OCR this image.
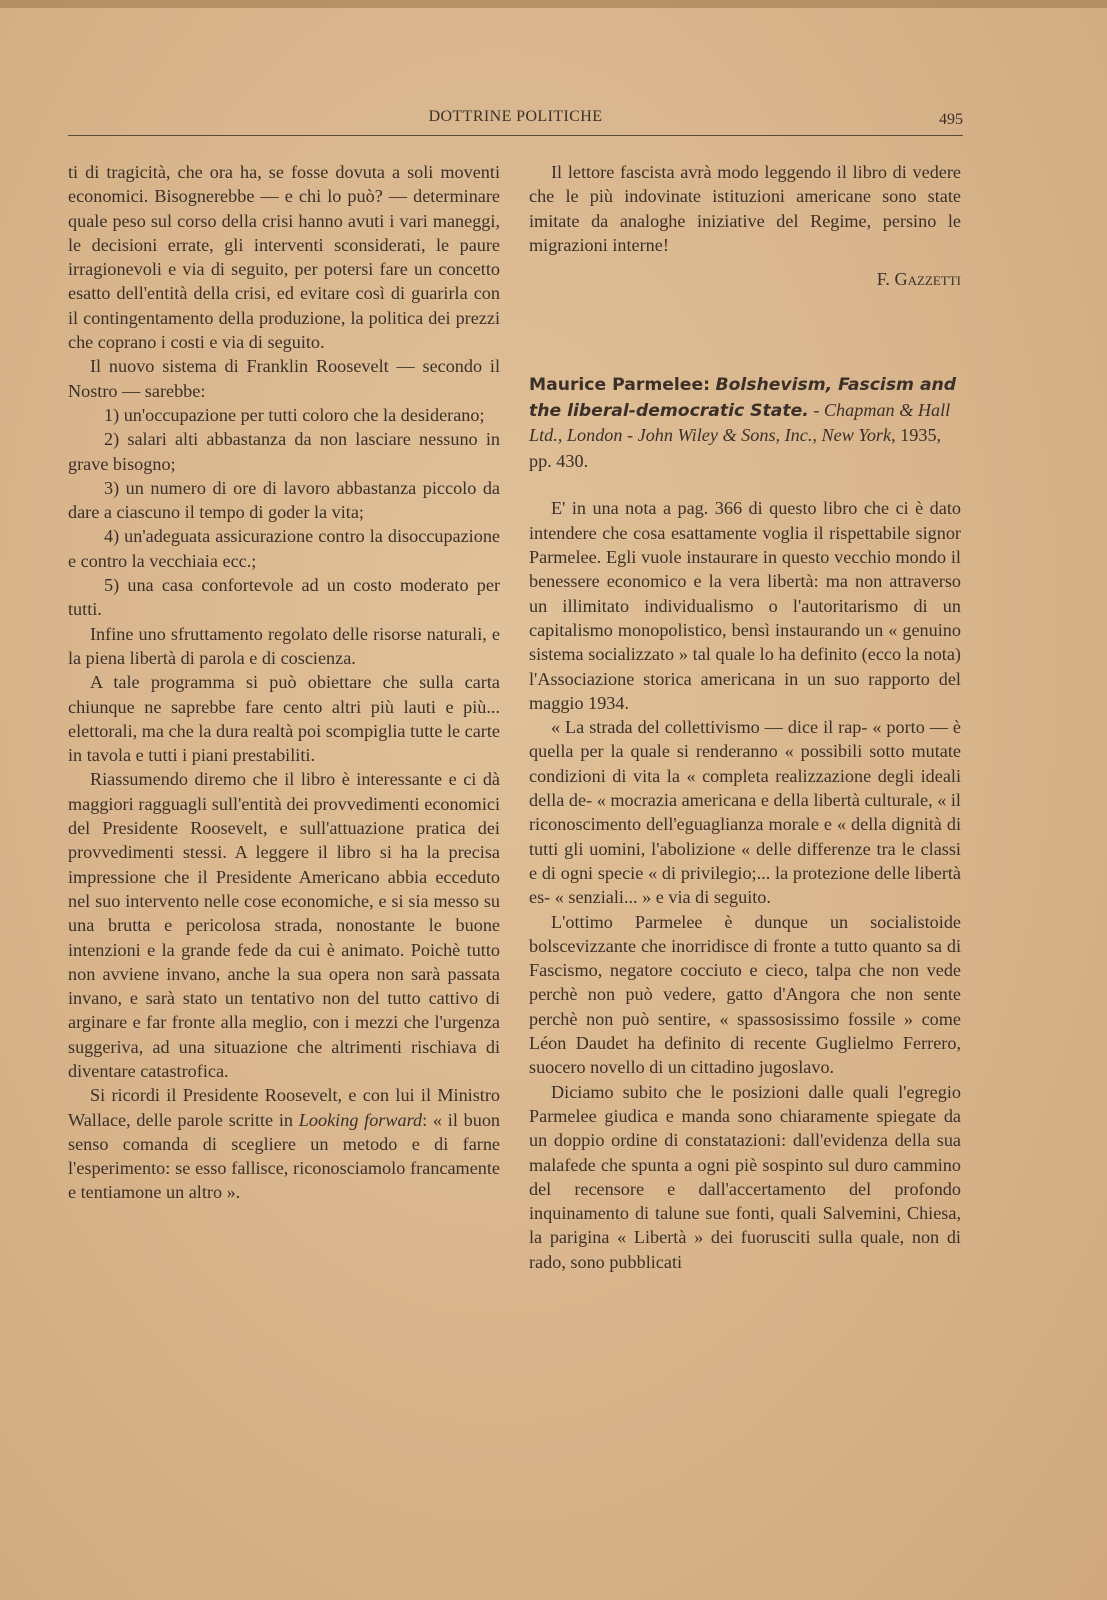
DOTTRINE POLITICHE	495

ti di tragicità, che ora ha, se fosse dovuta a soli moventi economici. Bisognerebbe — e chi lo può? — determinare quale peso sul corso della crisi hanno avuti i vari maneggi, le decisioni errate, gli interventi sconsiderati, le paure irragionevoli e via di seguito, per potersi fare un concetto esatto dell'entità della crisi, ed evitare così di guarirla con il contingentamento della produzione, la politica dei prezzi che coprano i costi e via di seguito.

Il nuovo sistema di Franklin Roosevelt — secondo il Nostro — sarebbe:

1) un'occupazione per tutti coloro che la desiderano;

2) salari alti abbastanza da non lasciare nessuno in grave bisogno;

3) un numero di ore di lavoro abbastanza piccolo da dare a ciascuno il tempo di goder la vita;

4) un'adeguata assicurazione contro la disoccupazione e contro la vecchiaia ecc.;

5) una casa confortevole ad un costo moderato per tutti.

Infine uno sfruttamento regolato delle risorse naturali, e la piena libertà di parola e di coscienza.

A tale programma si può obiettare che sulla carta chiunque ne saprebbe fare cento altri più lauti e più... elettorali, ma che la dura realtà poi scompiglia tutte le carte in tavola e tutti i piani prestabiliti.

Riassumendo diremo che il libro è interessante e ci dà maggiori ragguagli sull'entità dei provvedimenti economici del Presidente Roosevelt, e sull'attuazione pratica dei provvedimenti stessi. A leggere il libro si ha la precisa impressione che il Presidente Americano abbia ecceduto nel suo intervento nelle cose economiche, e si sia messo su una brutta e pericolosa strada, nonostante le buone intenzioni e la grande fede da cui è animato. Poichè tutto non avviene invano, anche la sua opera non sarà passata invano, e sarà stato un tentativo non del tutto cattivo di arginare e far fronte alla meglio, con i mezzi che l'urgenza suggeriva, ad una situazione che altrimenti rischiava di diventare catastrofica.

Si ricordi il Presidente Roosevelt, e con lui il Ministro Wallace, delle parole scritte in Looking forward: « il buon senso comanda di scegliere un metodo e di farne l'esperimento: se esso fallisce, riconosciamolo francamente e tentiamone un altro ».

Il lettore fascista avrà modo leggendo il libro di vedere che le più indovinate istituzioni americane sono state imitate da analoghe iniziative del Regime, persino le migrazioni interne!

F. Gazzetti

Maurice Parmelee: Bolshevism, Fascism and the liberal-democratic State. - Chapman & Hall Ltd., London - John Wiley & Sons, Inc., New York, 1935, pp. 430.

E' in una nota a pag. 366 di questo libro che ci è dato intendere che cosa esattamente voglia il rispettabile signor Parmelee. Egli vuole instaurare in questo vecchio mondo il benessere economico e la vera libertà: ma non attraverso un illimitato individualismo o l'autoritarismo di un capitalismo monopolistico, bensì instaurando un « genuino sistema socializzato » tal quale lo ha definito (ecco la nota) l'Associazione storica americana in un suo rapporto del maggio 1934.

« La strada del collettivismo — dice il rap- « porto — è quella per la quale si renderanno « possibili sotto mutate condizioni di vita la « completa realizzazione degli ideali della de- « mocrazia americana e della libertà culturale, « il riconoscimento dell'eguaglianza morale e « della dignità di tutti gli uomini, l'abolizione « delle differenze tra le classi e di ogni specie « di privilegio;... la protezione delle libertà es- « senziali... » e via di seguito.

L'ottimo Parmelee è dunque un socialistoide bolscevizzante che inorridisce di fronte a tutto quanto sa di Fascismo, negatore cocciuto e cieco, talpa che non vede perchè non può vedere, gatto d'Angora che non sente perchè non può sentire, « spassosissimo fossile » come Léon Daudet ha definito di recente Guglielmo Ferrero, suocero novello di un cittadino jugoslavo.

Diciamo subito che le posizioni dalle quali l'egregio Parmelee giudica e manda sono chiaramente spiegate da un doppio ordine di constatazioni: dall'evidenza della sua malafede che spunta a ogni piè sospinto sul duro cammino del recensore e dall'accertamento del profondo inquinamento di talune sue fonti, quali Salvemini, Chiesa, la parigina « Libertà » dei fuorusciti sulla quale, non di rado, sono pubblicati
